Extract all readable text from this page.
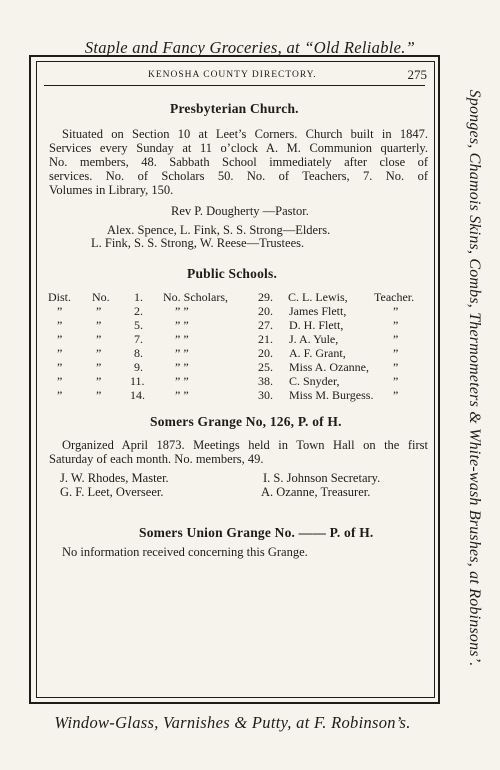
Staple and Fancy Groceries, at “Old Reliable.”
Sponges, Chamois Skins, Combs, Thermometers & White-wash Brushes, at Robinsons’.
Window-Glass, Varnishes & Putty, at F. Robinson’s.
KENOSHA COUNTY DIRECTORY.	275
Presbyterian Church.
Situated on Section 10 at Leet’s Corners. Church built in 1847.
Services every Sunday at 11 o’clock A. M. Communion quarterly.
No. members, 48. Sabbath School immediately after close of
services. No. of Scholars 50. No. of Teachers, 7. No. of
Volumes in Library, 150.
Rev P. Dougherty —Pastor.
Alex. Spence, L. Fink, S. S. Strong—Elders.
L. Fink, S. S. Strong, W. Reese—Trustees.
Public Schools.
Dist. No. 1. No. Scholars,	29. C. L. Lewis, Teacher.
”	”	2.	” ”	20. James Flett,	”
”	”	5.	” ”	27. D. H. Flett,	”
”	”	7.	” ”	21. J. A. Yule,	”
”	”	8.	” ”	20. A. F. Grant,	”
”	”	9.	” ”	25. Miss A. Ozanne, ”
”	” 11.	” ”	38. C. Snyder,	”
”	” 14.	” ”	30. Miss M. Burgess. ”
Somers Grange No, 126, P. of H.
Organized April 1873. Meetings held in Town Hall on the first
Saturday of each month. No. members, 49.
J. W. Rhodes, Master.
G. F. Leet, Overseer.
I. S. Johnson Secretary.
A. Ozanne, Treasurer.
Somers Union Grange No. —— P. of H.
No information received concerning this Grange.
